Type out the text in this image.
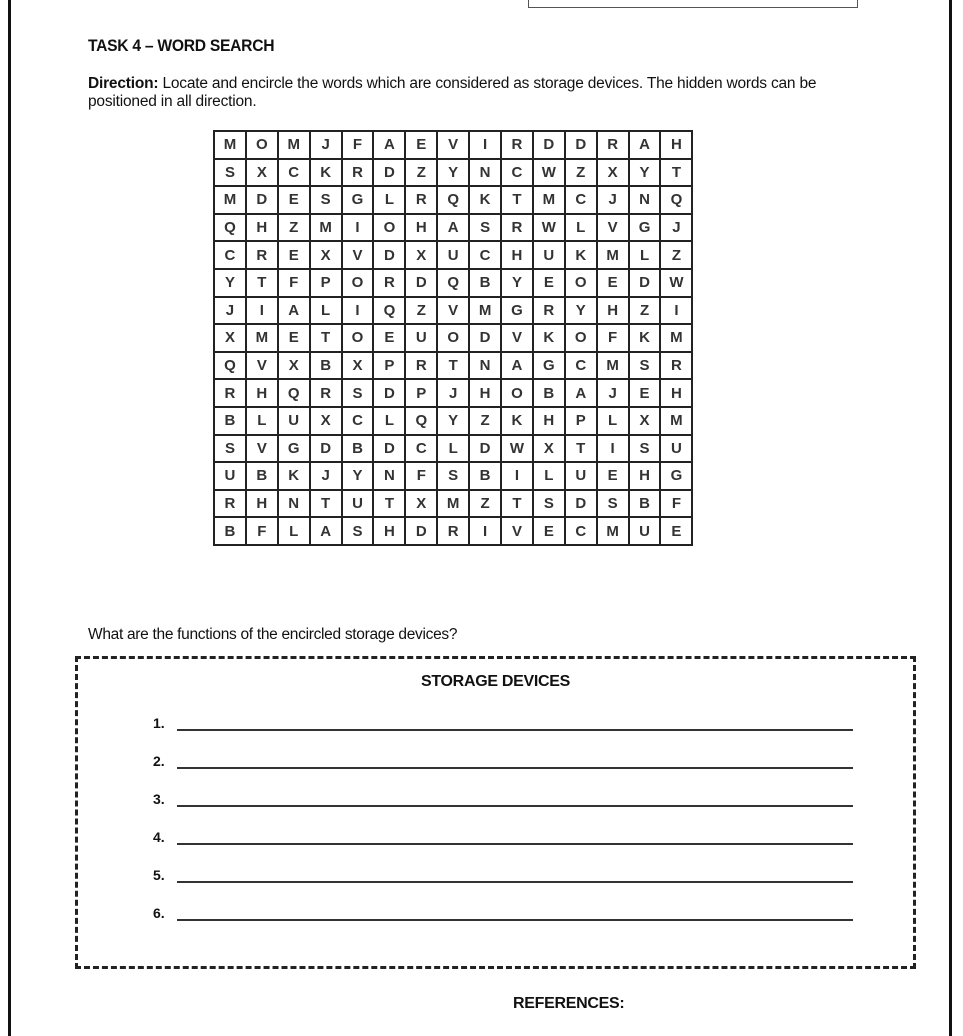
TASK 4 – WORD SEARCH
Direction: Locate and encircle the words which are considered as storage devices. The hidden words can be positioned in all direction.
M	O	M	J	F	A	E	V	I	R	D	D	R	A	H
S	X	C	K	R	D	Z	Y	N	C	W	Z	X	Y	T
M	D	E	S	G	L	R	Q	K	T	M	C	J	N	Q
Q	H	Z	M	I	O	H	A	S	R	W	L	V	G	J
C	R	E	X	V	D	X	U	C	H	U	K	M	L	Z
Y	T	F	P	O	R	D	Q	B	Y	E	O	E	D	W
J	I	A	L	I	Q	Z	V	M	G	R	Y	H	Z	I
X	M	E	T	O	E	U	O	D	V	K	O	F	K	M
Q	V	X	B	X	P	R	T	N	A	G	C	M	S	R
R	H	Q	R	S	D	P	J	H	O	B	A	J	E	H
B	L	U	X	C	L	Q	Y	Z	K	H	P	L	X	M
S	V	G	D	B	D	C	L	D	W	X	T	I	S	U
U	B	K	J	Y	N	F	S	B	I	L	U	E	H	G
R	H	N	T	U	T	X	M	Z	T	S	D	S	B	F
B	F	L	A	S	H	D	R	I	V	E	C	M	U	E
What are the functions of the encircled storage devices?
STORAGE DEVICES
1.
2.
3.
4.
5.
6.
REFERENCES:
